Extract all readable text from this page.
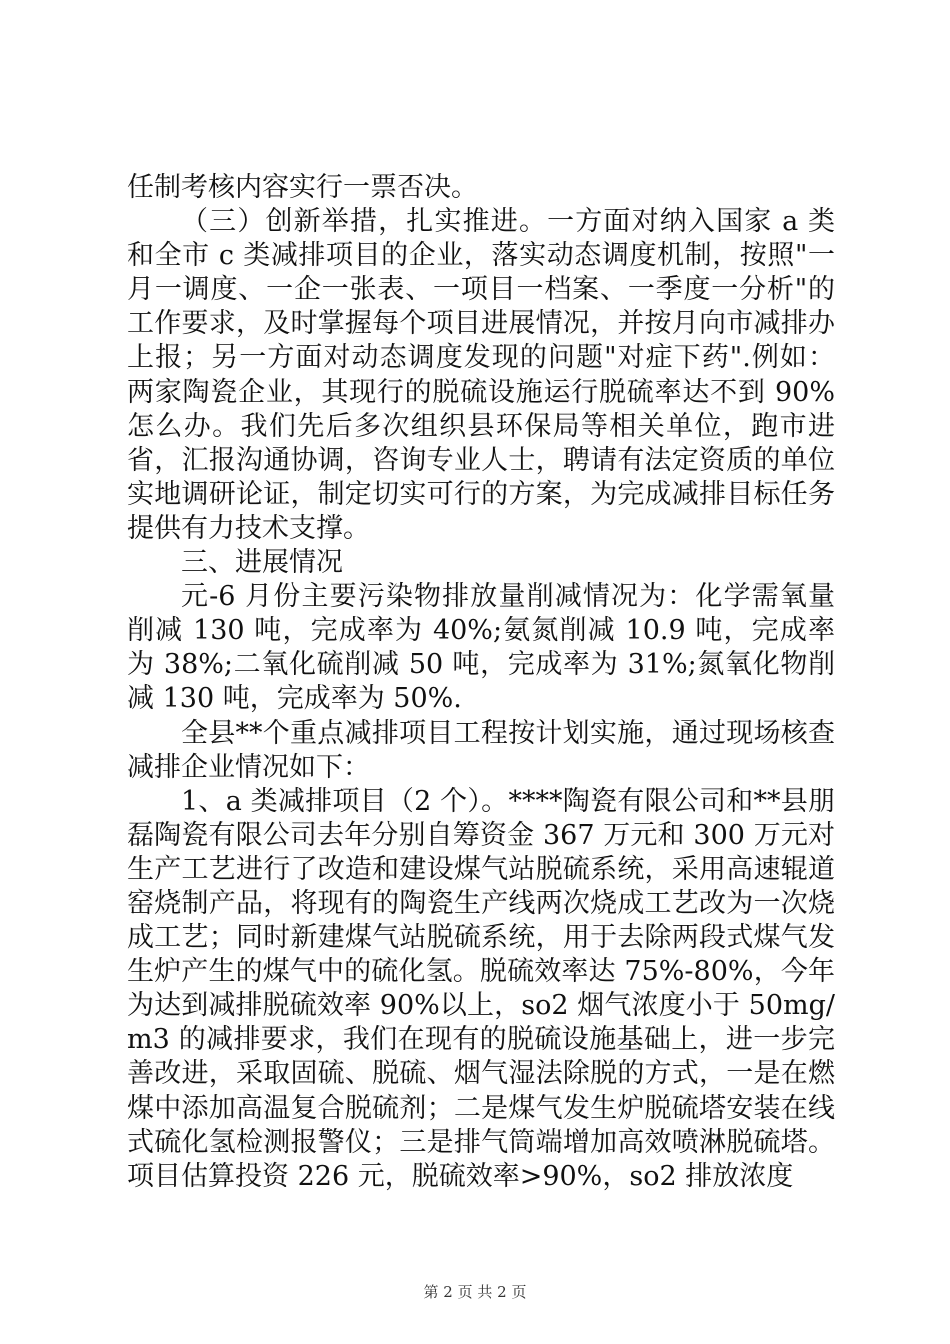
任制考核内容实行一票否决。

（三）创新举措，扎实推进。一方面对纳入国家 a 类和全市 c 类减排项目的企业，落实动态调度机制，按照"一月一调度、一企一张表、一项目一档案、一季度一分析"的工作要求，及时掌握每个项目进展情况，并按月向市减排办上报；另一方面对动态调度发现的问题"对症下药".例如：两家陶瓷企业，其现行的脱硫设施运行脱硫率达不到 90%怎么办。我们先后多次组织县环保局等相关单位，跑市进省，汇报沟通协调，咨询专业人士，聘请有法定资质的单位实地调研论证，制定切实可行的方案，为完成减排目标任务提供有力技术支撑。

三、进展情况

元-6 月份主要污染物排放量削减情况为：化学需氧量削减 130 吨，完成率为 40%;氨氮削减 10.9 吨，完成率为 38%;二氧化硫削减 50 吨，完成率为 31%;氮氧化物削减 130 吨，完成率为 50%.

全县**个重点减排项目工程按计划实施，通过现场核查减排企业情况如下：

1、a 类减排项目（2 个）。****陶瓷有限公司和**县朋磊陶瓷有限公司去年分别自筹资金 367 万元和 300 万元对生产工艺进行了改造和建设煤气站脱硫系统，采用高速辊道窑烧制产品，将现有的陶瓷生产线两次烧成工艺改为一次烧成工艺；同时新建煤气站脱硫系统，用于去除两段式煤气发生炉产生的煤气中的硫化氢。脱硫效率达 75%-80%，今年为达到减排脱硫效率 90%以上，so2 烟气浓度小于 50mg/m3 的减排要求，我们在现有的脱硫设施基础上，进一步完善改进，采取固硫、脱硫、烟气湿法除脱的方式，一是在燃煤中添加高温复合脱硫剂；二是煤气发生炉脱硫塔安装在线式硫化氢检测报警仪；三是排气筒端增加高效喷淋脱硫塔。项目估算投资 226 元，脱硫效率>90%，so2 排放浓度

第 2 页 共 2 页
